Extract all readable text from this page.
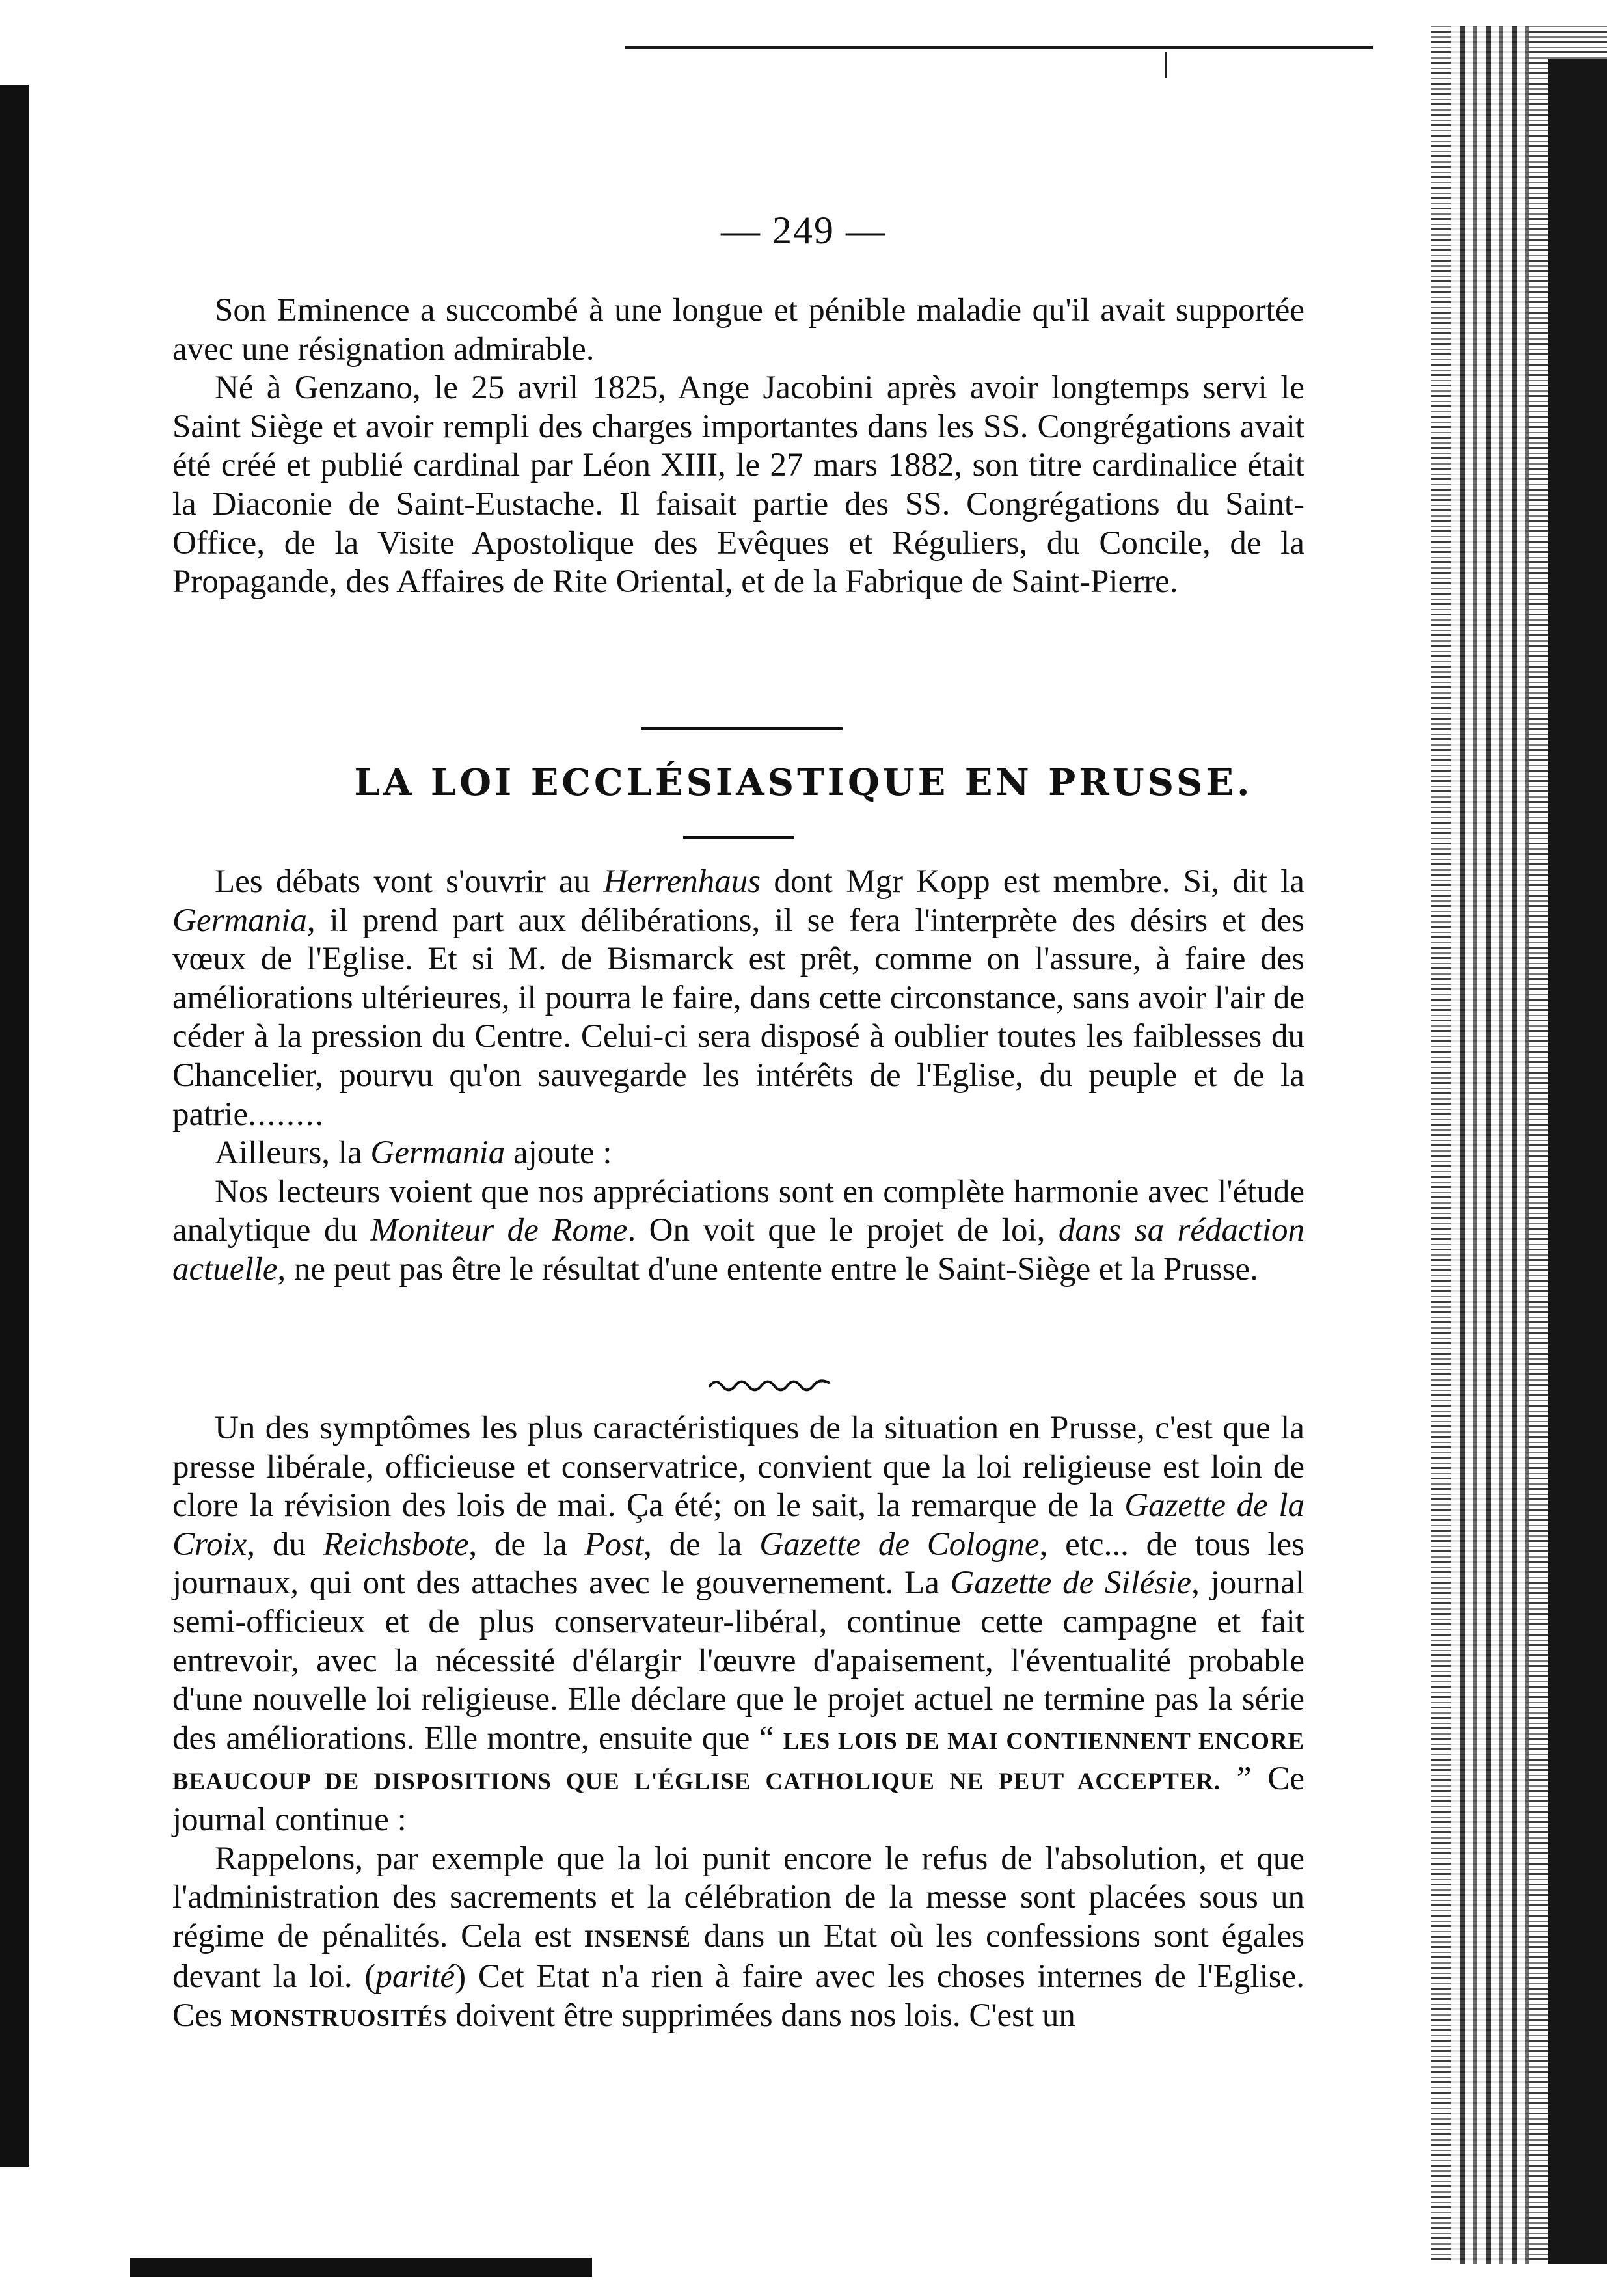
— 249 —

Son Eminence a succombé à une longue et pénible maladie qu'il avait supportée avec une résignation admirable.

Né à Genzano, le 25 avril 1825, Ange Jacobini après avoir longtemps servi le Saint Siège et avoir rempli des charges importantes dans les SS. Congrégations avait été créé et publié cardinal par Léon XIII, le 27 mars 1882, son titre cardinalice était la Diaconie de Saint-Eustache. Il faisait partie des SS. Congrégations du Saint-Office, de la Visite Apostolique des Evêques et Réguliers, du Concile, de la Propagande, des Affaires de Rite Oriental, et de la Fabrique de Saint-Pierre.

LA LOI ECCLÉSIASTIQUE EN PRUSSE.

Les débats vont s'ouvrir au Herrenhaus dont Mgr Kopp est membre. Si, dit la Germania, il prend part aux délibérations, il se fera l'interprète des désirs et des vœux de l'Eglise. Et si M. de Bismarck est prêt, comme on l'assure, à faire des améliorations ultérieures, il pourra le faire, dans cette circonstance, sans avoir l'air de céder à la pression du Centre. Celui-ci sera disposé à oublier toutes les faiblesses du Chancelier, pourvu qu'on sauvegarde les intérêts de l'Eglise, du peuple et de la patrie........

Ailleurs, la Germania ajoute :

Nos lecteurs voient que nos appréciations sont en complète harmonie avec l'étude analytique du Moniteur de Rome. On voit que le projet de loi, dans sa rédaction actuelle, ne peut pas être le résultat d'une entente entre le Saint-Siège et la Prusse.

Un des symptômes les plus caractéristiques de la situation en Prusse, c'est que la presse libérale, officieuse et conservatrice, convient que la loi religieuse est loin de clore la révision des lois de mai. Ça été; on le sait, la remarque de la Gazette de la Croix, du Reichsbote, de la Post, de la Gazette de Cologne, etc... de tous les journaux, qui ont des attaches avec le gouvernement. La Gazette de Silésie, journal semi-officieux et de plus conservateur-libéral, continue cette campagne et fait entrevoir, avec la nécessité d'élargir l'œuvre d'apaisement, l'éventualité probable d'une nouvelle loi religieuse. Elle déclare que le projet actuel ne termine pas la série des améliorations. Elle montre, ensuite que “ LES LOIS DE MAI CONTIENNENT ENCORE BEAUCOUP DE DISPOSITIONS QUE L'ÉGLISE CATHOLIQUE NE PEUT ACCEPTER. ” Ce journal continue :

Rappelons, par exemple que la loi punit encore le refus de l'absolution, et que l'administration des sacrements et la célébration de la messe sont placées sous un régime de pénalités. Cela est INSENSÉ dans un Etat où les confessions sont égales devant la loi. (parité) Cet Etat n'a rien à faire avec les choses internes de l'Eglise. Ces MONSTRUOSITÉS doivent être supprimées dans nos lois. C'est un
